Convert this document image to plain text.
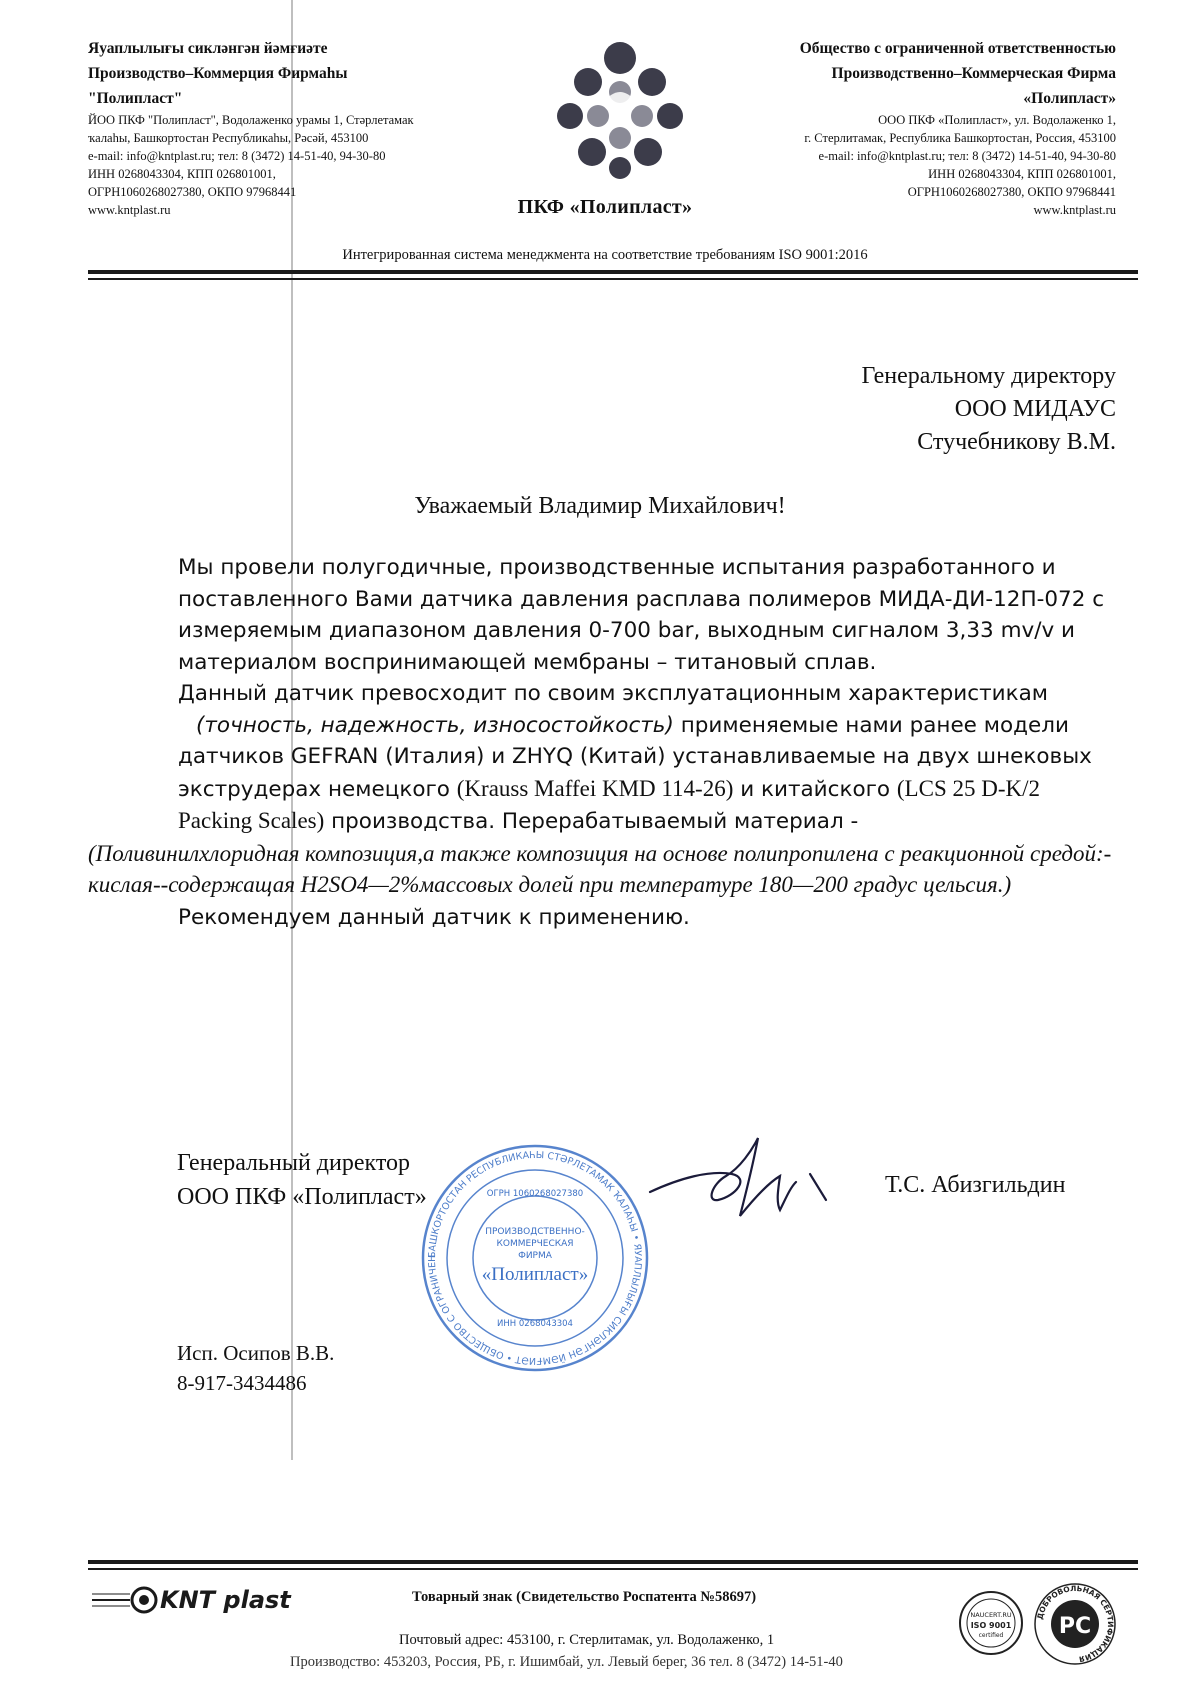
Яуаплылығы сикләнгән йәмғиәте
Производство–Коммерция Фирмаһы
"Полипласт"
ЙОО ПКФ "Полипласт", Водолаженко урамы 1, Стәрлетамак
ҡалаһы, Башкортостан Республикаһы, Рәсәй, 453100
e-mail: info@kntplast.ru; тел: 8 (3472) 14-51-40, 94-30-80
ИНН 0268043304, КПП 026801001,
ОГРН1060268027380, ОКПО 97968441
www.kntplast.ru	ПКФ «Полипласт»
Общество с ограниченной ответственностью
Производственно–Коммерческая Фирма
«Полипласт»
ООО ПКФ «Полипласт», ул. Водолаженко 1,
г. Стерлитамак, Республика Башкортостан, Россия, 453100
e-mail: info@kntplast.ru; тел: 8 (3472) 14-51-40, 94-30-80
ИНН 0268043304, КПП 026801001,
ОГРН1060268027380, ОКПО 97968441
www.kntplast.ru
Интегрированная система менеджмента на соответствие требованиям ISO 9001:2016
Генеральному директору
ООО МИДАУС
Стучебникову В.М.
Уважаемый Владимир Михайлович!

Мы провели полугодичные, производственные испытания разработанного и поставленного Вами датчика давления расплава полимеров МИДА-ДИ-12П-072 с измеряемым диапазоном давления 0-700 bar, выходным сигналом 3,33 mv/v и материалом воспринимающей мембраны – титановый сплав.

Данный датчик превосходит по своим эксплуатационным характеристикам
(точность, надежность, износостойкость) применяемые нами ранее модели датчиков GEFRAN (Италия) и ZHYQ (Китай) устанавливаемые на двух шнековых экструдерах немецкого (Krauss Maffei KMD 114-26) и китайского (LCS 25 D-K/2 Packing Scales) производства. Перерабатываемый материал -
(Поливинилхлоридная композиция,а также композиция на основе полипропилена с реакционной средой:- кислая--содержащая H2SO4—2%массовых долей при температуре 180—200 градус цельсия.)

Рекомендуем данный датчик к применению.

БАШКОРТОСТАН РЕСПУБЛИКАҺЫ СТӘРЛЕТАМАК ҠАЛАҺЫ • ЯУАПЛЫЛЫҒЫ СИКЛӘНГӘН ЙӘМҒИӘТ • ОБЩЕСТВО С ОГРАНИЧЕН
ОГРН 1060268027380
ПРОИЗВОДСТВЕННО-
КОММЕРЧЕСКАЯ
ФИРМА
«Полипласт»
ИНН 0268043304
Генеральный директор
ООО ПКФ «Полипласт»	Т.С. Абизгильдин
Исп. Осипов В.В.
8-917-3434486
KNT plast	Товарный знак (Свидетельство Роспатента №58697)
Почтовый адрес: 453100, г. Стерлитамак, ул. Водолаженко, 1
Производство: 453203, Россия, РБ, г. Ишимбай, ул. Левый берег, 36 тел. 8 (3472) 14-51-40
NAUCERT.RU
ISO 9001
certified	РС
ДОБРОВОЛЬНАЯ СЕРТИФИКАЦИЯ
